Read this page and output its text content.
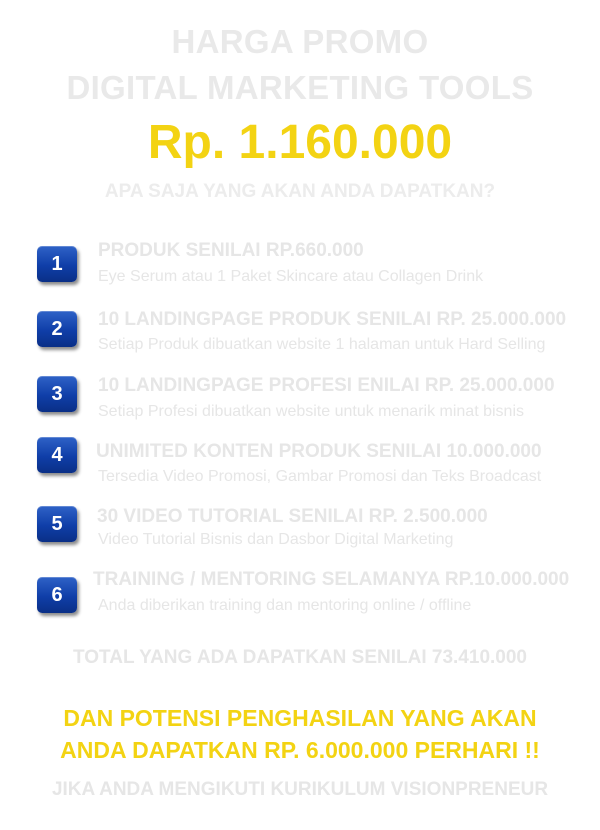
HARGA PROMO
DIGITAL MARKETING TOOLS
Rp. 1.160.000
APA SAJA YANG AKAN ANDA DAPATKAN?
1
PRODUK SENILAI RP.660.000
Eye Serum atau 1 Paket Skincare atau Collagen Drink
2	10 LANDINGPAGE PRODUK SENILAI RP. 25.000.000
Setiap Produk dibuatkan website 1 halaman untuk Hard Selling
3	10 LANDINGPAGE PROFESI ENILAI RP. 25.000.000
Setiap Profesi dibuatkan website untuk menarik minat bisnis
4	UNIMITED KONTEN PRODUK SENILAI 10.000.000
Tersedia Video Promosi, Gambar Promosi dan Teks Broadcast
5	30 VIDEO TUTORIAL SENILAI RP. 2.500.000
Video Tutorial Bisnis dan Dasbor Digital Marketing
6
TRAINING / MENTORING SELAMANYA RP.10.000.000
Anda diberikan training dan mentoring online / offline
TOTAL YANG ADA DAPATKAN SENILAI 73.410.000
DAN POTENSI PENGHASILAN YANG AKAN
ANDA DAPATKAN RP. 6.000.000 PERHARI !!
JIKA ANDA MENGIKUTI KURIKULUM VISIONPRENEUR
